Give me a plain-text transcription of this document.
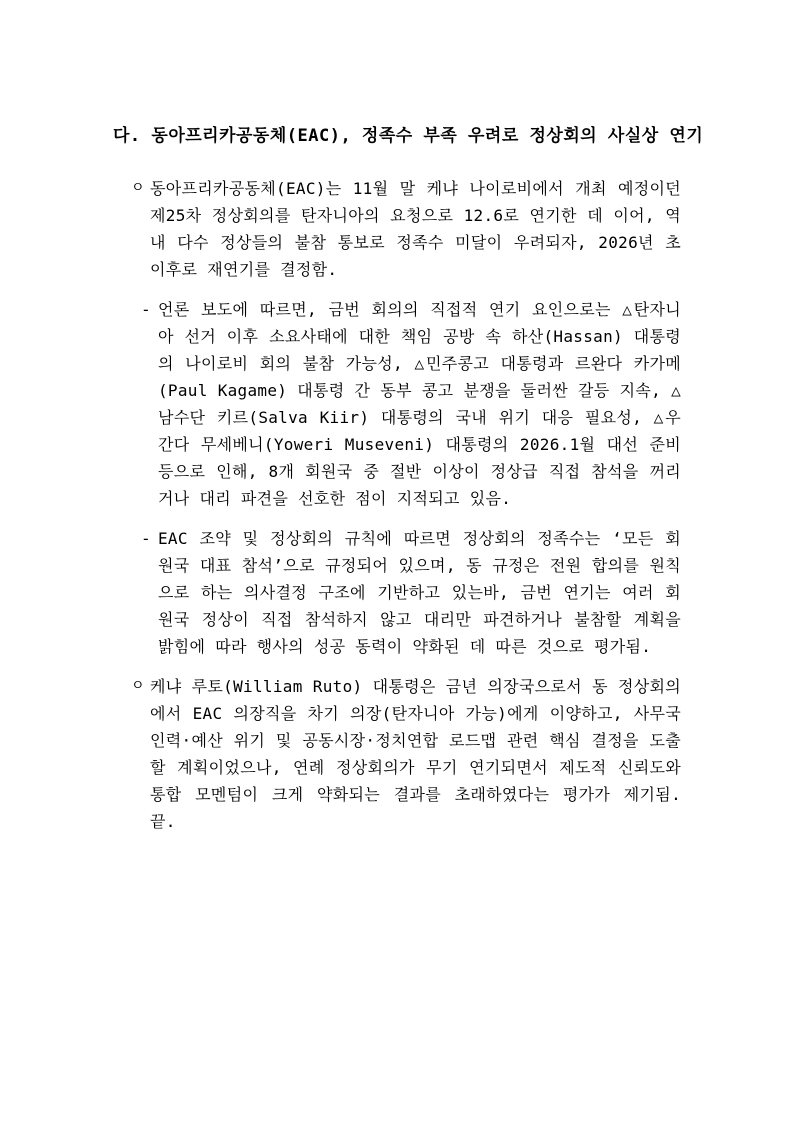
다. 동아프리카공동체(EAC), 정족수 부족 우려로 정상회의 사실상 연기
ㅇ 동아프리카공동체(EAC)는 11월 말 케냐 나이로비에서 개최 예정이던 제25차 정상회의를 탄자니아의 요청으로 12.6로 연기한 데 이어, 역내 다수 정상들의 불참 통보로 정족수 미달이 우려되자, 2026년 초 이후로 재연기를 결정함.
- 언론 보도에 따르면, 금번 회의의 직접적 연기 요인으로는 △탄자니아 선거 이후 소요사태에 대한 책임 공방 속 하산(Hassan) 대통령의 나이로비 회의 불참 가능성, △민주콩고 대통령과 르완다 카가메(Paul Kagame) 대통령 간 동부 콩고 분쟁을 둘러싼 갈등 지속, △남수단 키르(Salva Kiir) 대통령의 국내 위기 대응 필요성, △우간다 무세베니(Yoweri Museveni) 대통령의 2026.1월 대선 준비 등으로 인해, 8개 회원국 중 절반 이상이 정상급 직접 참석을 꺼리거나 대리 파견을 선호한 점이 지적되고 있음.
- EAC 조약 및 정상회의 규칙에 따르면 정상회의 정족수는 ‘모든 회원국 대표 참석’으로 규정되어 있으며, 동 규정은 전원 합의를 원칙으로 하는 의사결정 구조에 기반하고 있는바, 금번 연기는 여러 회원국 정상이 직접 참석하지 않고 대리만 파견하거나 불참할 계획을 밝힘에 따라 행사의 성공 동력이 약화된 데 따른 것으로 평가됨.
ㅇ 케냐 루토(William Ruto) 대통령은 금년 의장국으로서 동 정상회의에서 EAC 의장직을 차기 의장(탄자니아 가능)에게 이양하고, 사무국 인력·예산 위기 및 공동시장·정치연합 로드맵 관련 핵심 결정을 도출할 계획이었으나, 연례 정상회의가 무기 연기되면서 제도적 신뢰도와 통합 모멘텀이 크게 약화되는 결과를 초래하였다는 평가가 제기됨. 끝.
